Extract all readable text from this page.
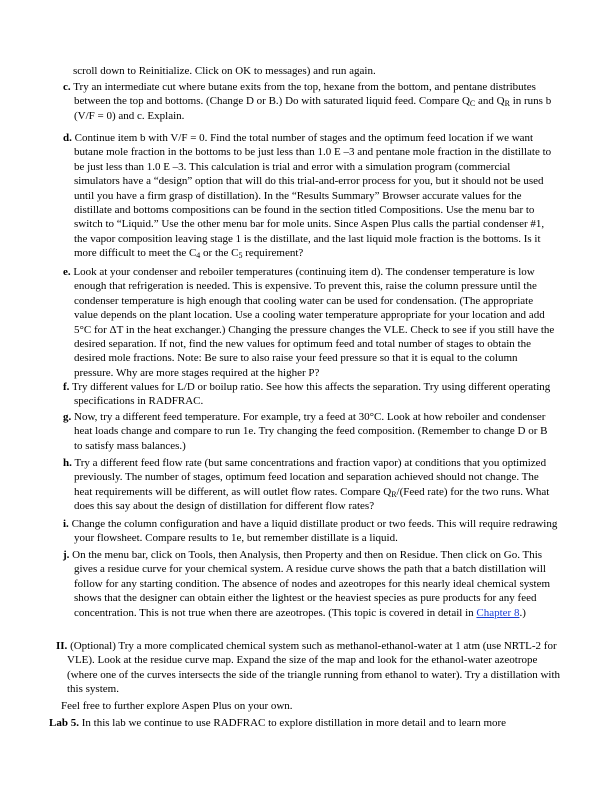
scroll down to Reinitialize. Click on OK to messages) and run again.

c. Try an intermediate cut where butane exits from the top, hexane from the bottom, and pentane distributes between the top and bottoms. (Change D or B.) Do with saturated liquid feed. Compare $Q_C$ and $Q_R$ in runs b (V/F = 0) and c. Explain.

d. Continue item b with V/F = 0. Find the total number of stages and the optimum feed location if we want butane mole fraction in the bottoms to be just less than 1.0 E –3 and pentane mole fraction in the distillate to be just less than 1.0 E –3. This calculation is trial and error with a simulation program (commercial simulators have a “design” option that will do this trial-and-error process for you, but it should not be used until you have a firm grasp of distillation). In the “Results Summary” Browser accurate values for the distillate and bottoms compositions can be found in the section titled Compositions. Use the menu bar to switch to “Liquid.” Use the other menu bar for mole units. Since Aspen Plus calls the partial condenser #1, the vapor composition leaving stage 1 is the distillate, and the last liquid mole fraction is the bottoms. Is it more difficult to meet the $C_4$ or the $C_5$ requirement?

e. Look at your condenser and reboiler temperatures (continuing item d). The condenser temperature is low enough that refrigeration is needed. This is expensive. To prevent this, raise the column pressure until the condenser temperature is high enough that cooling water can be used for condensation. (The appropriate value depends on the plant location. Use a cooling water temperature appropriate for your location and add 5°C for ΔT in the heat exchanger.) Changing the pressure changes the VLE. Check to see if you still have the desired separation. If not, find the new values for optimum feed and total number of stages to obtain the desired mole fractions. Note: Be sure to also raise your feed pressure so that it is equal to the column pressure. Why are more stages required at the higher P?

f. Try different values for L/D or boilup ratio. See how this affects the separation. Try using different operating specifications in RADFRAC.

g. Now, try a different feed temperature. For example, try a feed at 30°C. Look at how reboiler and condenser heat loads change and compare to run 1e. Try changing the feed composition. (Remember to change D or B to satisfy mass balances.)

h. Try a different feed flow rate (but same concentrations and fraction vapor) at conditions that you optimized previously. The number of stages, optimum feed location and separation achieved should not change. The heat requirements will be different, as will outlet flow rates. Compare $Q_R/(Feed$ rate) for the two runs. What does this say about the design of distillation for different flow rates?

i. Change the column configuration and have a liquid distillate product or two feeds. This will require redrawing your flowsheet. Compare results to 1e, but remember distillate is a liquid.

j. On the menu bar, click on Tools, then Analysis, then Property and then on Residue. Then click on Go. This gives a residue curve for your chemical system. A residue curve shows the path that a batch distillation will follow for any starting condition. The absence of nodes and azeotropes for this nearly ideal chemical system shows that the designer can obtain either the lightest or the heaviest species as pure products for any feed concentration. This is not true when there are azeotropes. (This topic is covered in detail in Chapter 8.)

II. (Optional) Try a more complicated chemical system such as methanol-ethanol-water at 1 atm (use NRTL-2 for VLE). Look at the residue curve map. Expand the size of the map and look for the ethanol-water azeotrope (where one of the curves intersects the side of the triangle running from ethanol to water). Try a distillation with this system.

Feel free to further explore Aspen Plus on your own.

Lab 5. In this lab we continue to use RADFRAC to explore distillation in more detail and to learn more
